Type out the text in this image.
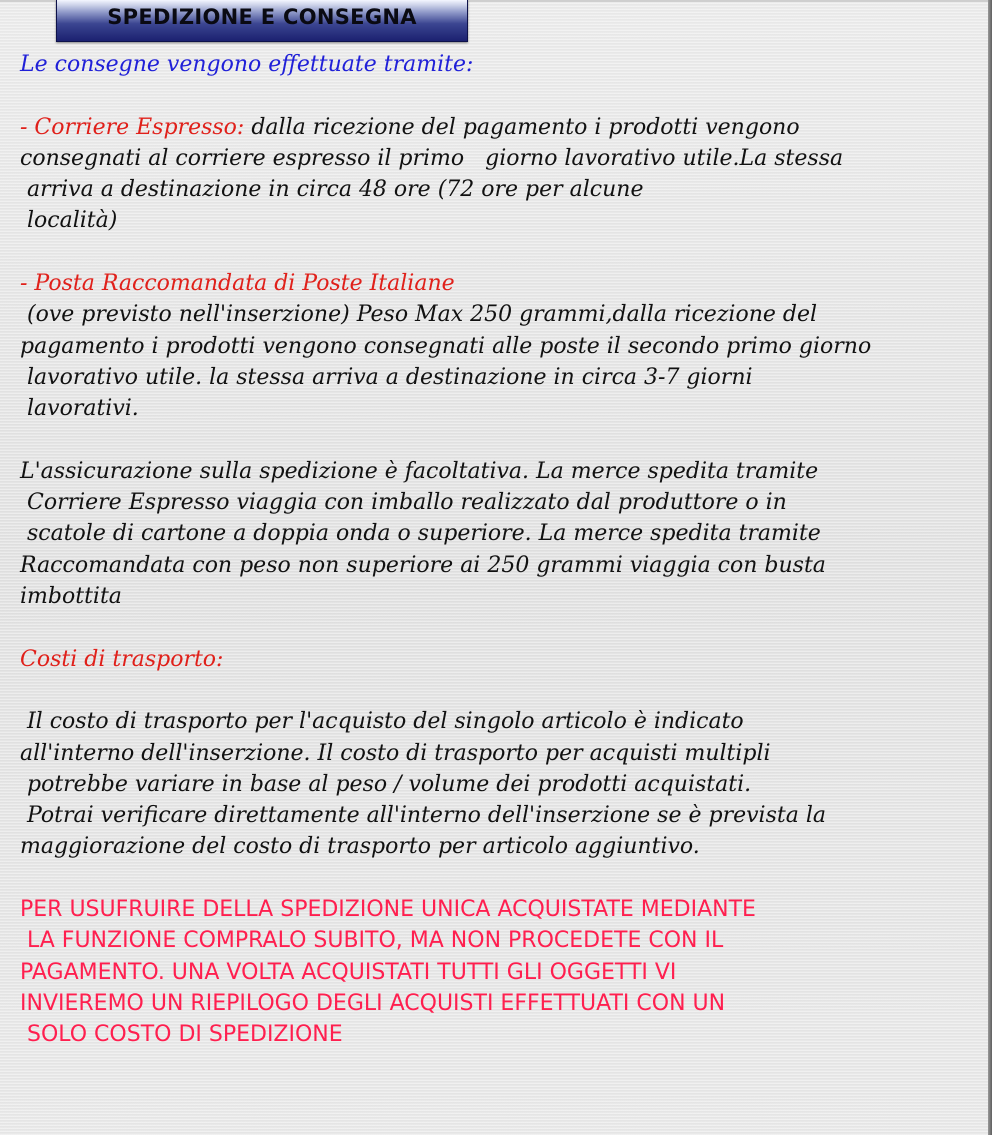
SPEDIZIONE E CONSEGNA

Le consegne vengono effettuate tramite:

- Corriere Espresso: dalla ricezione del pagamento i prodotti vengono

consegnati al corriere espresso il primo   giorno lavorativo utile.La stessa

arriva a destinazione in circa 48 ore (72 ore per alcune

località)

- Posta Raccomandata di Poste Italiane

(ove previsto nell'inserzione) Peso Max 250 grammi,dalla ricezione del

pagamento i prodotti vengono consegnati alle poste il secondo primo giorno

lavorativo utile. la stessa arriva a destinazione in circa 3-7 giorni

lavorativi.

L'assicurazione sulla spedizione è facoltativa. La merce spedita tramite

Corriere Espresso viaggia con imballo realizzato dal produttore o in

scatole di cartone a doppia onda o superiore. La merce spedita tramite

Raccomandata con peso non superiore ai 250 grammi viaggia con busta

imbottita

Costi di trasporto:

Il costo di trasporto per l'acquisto del singolo articolo è indicato

all'interno dell'inserzione. Il costo di trasporto per acquisti multipli

potrebbe variare in base al peso / volume dei prodotti acquistati.

Potrai verificare direttamente all'interno dell'inserzione se è prevista la

maggiorazione del costo di trasporto per articolo aggiuntivo.

PER USUFRUIRE DELLA SPEDIZIONE UNICA ACQUISTATE MEDIANTE

LA FUNZIONE COMPRALO SUBITO, MA NON PROCEDETE CON IL

PAGAMENTO. UNA VOLTA ACQUISTATI TUTTI GLI OGGETTI VI

INVIEREMO UN RIEPILOGO DEGLI ACQUISTI EFFETTUATI CON UN

SOLO COSTO DI SPEDIZIONE
